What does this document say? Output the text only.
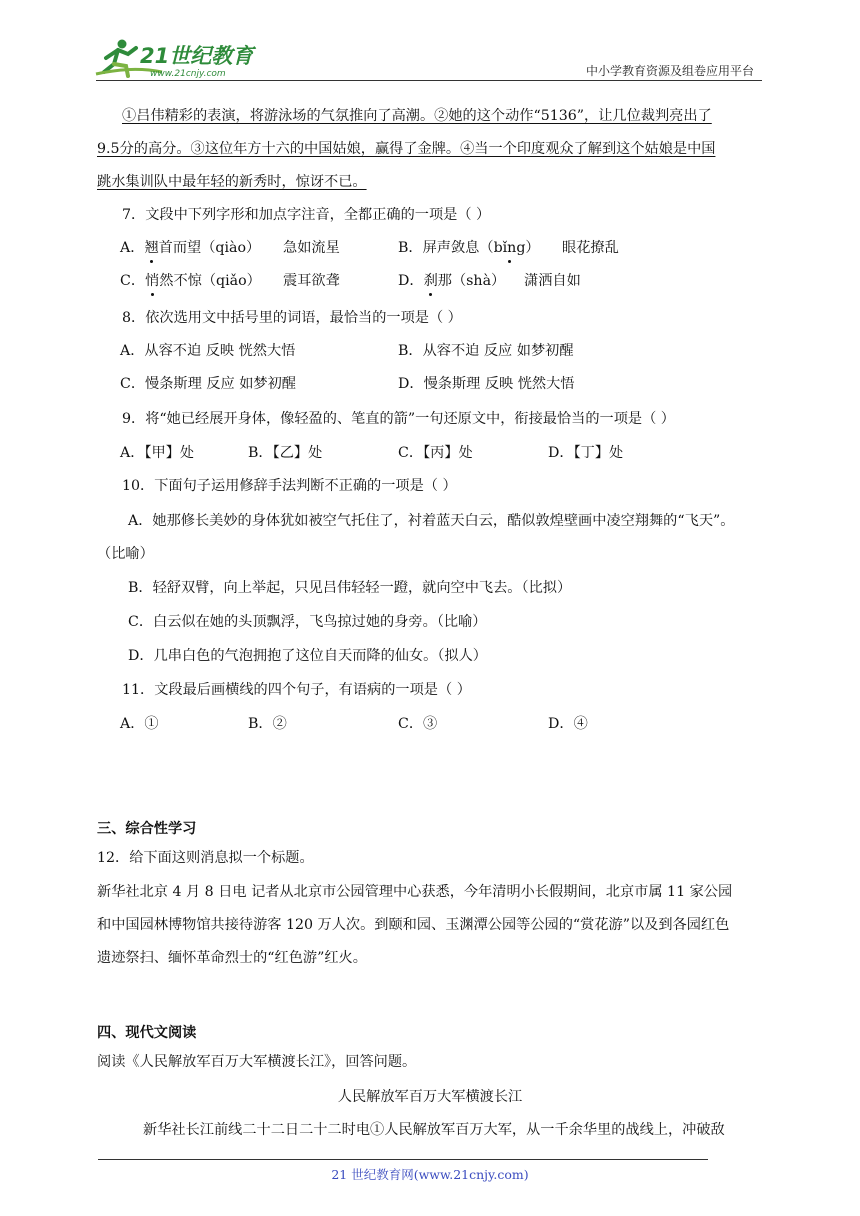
21世纪教育
www.21cnjy.com	中小学教育资源及组卷应用平台
①吕伟精彩的表演，将游泳场的气氛推向了高潮。②她的这个动作“5136”，让几位裁判亮出了
9.5分的高分。③这位年方十六的中国姑娘，赢得了金牌。④当一个印度观众了解到这个姑娘是中国
跳水集训队中最年轻的新秀时，惊讶不已。
7．文段中下列字形和加点字注音，全都正确的一项是（ ）
A．翘首而望（qiào） 急如流星	B．屏声敛息（bǐng） 眼花撩乱
C．悄然不惊（qiǎo） 震耳欲聋	D．刹那（shà） 潇洒自如
8．依次选用文中括号里的词语，最恰当的一项是（ ）
A．从容不迫 反映 恍然大悟	B．从容不迫 反应 如梦初醒
C．慢条斯理 反应 如梦初醒	D．慢条斯理 反映 恍然大悟
9．将“她已经展开身体，像轻盈的、笔直的箭”一句还原文中，衔接最恰当的一项是（ ）
A．【甲】处	B．【乙】处	C．【丙】处	D．【丁】处
10．下面句子运用修辞手法判断不正确的一项是（ ）
A．她那修长美妙的身体犹如被空气托住了，衬着蓝天白云，酷似敦煌壁画中凌空翔舞的“飞天”。
（比喻）
B．轻舒双臂，向上举起，只见吕伟轻轻一蹬，就向空中飞去。（比拟）
C．白云似在她的头顶飘浮，飞鸟掠过她的身旁。（比喻）
D．几串白色的气泡拥抱了这位自天而降的仙女。（拟人）
11．文段最后画横线的四个句子，有语病的一项是（ ）
A．①	B．②	C．③	D．④
三、综合性学习
12．给下面这则消息拟一个标题。
新华社北京 4 月 8 日电 记者从北京市公园管理中心获悉，今年清明小长假期间，北京市属 11 家公园
和中国园林博物馆共接待游客 120 万人次。到颐和园、玉渊潭公园等公园的“赏花游”以及到各园红色
遗迹祭扫、缅怀革命烈士的“红色游”红火。
四、现代文阅读
阅读《人民解放军百万大军横渡长江》，回答问题。
人民解放军百万大军横渡长江
新华社长江前线二十二日二十二时电①人民解放军百万大军，从一千余华里的战线上，冲破敌
21 世纪教育网(www.21cnjy.com)
